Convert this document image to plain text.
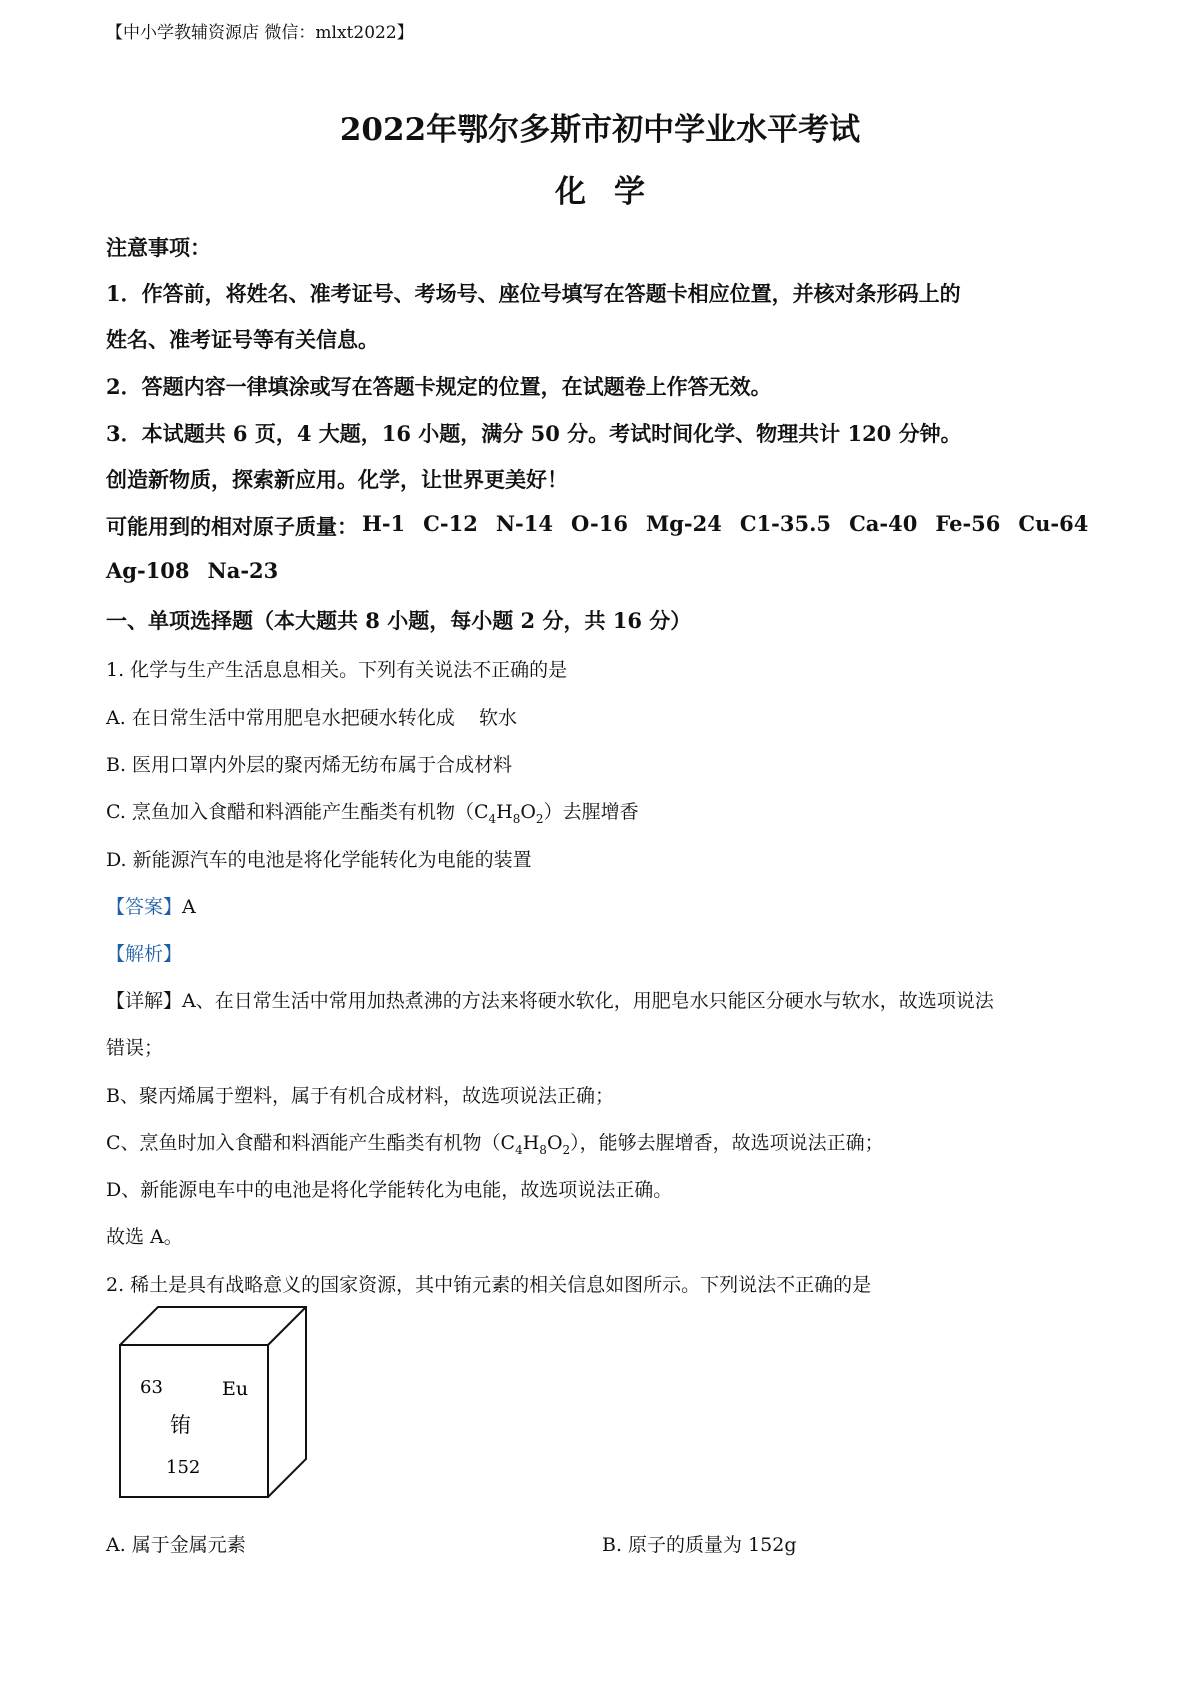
【中小学教辅资源店 微信：mlxt2022】
2022年鄂尔多斯市初中学业水平考试
化学
注意事项：
1．作答前，将姓名、准考证号、考场号、座位号填写在答题卡相应位置，并核对条形码上的
姓名、准考证号等有关信息。
2．答题内容一律填涂或写在答题卡规定的位置，在试题卷上作答无效。
3．本试题共 6 页，4 大题，16 小题，满分 50 分。考试时间化学、物理共计 120 分钟。
创造新物质，探索新应用。化学，让世界更美好！
可能用到的相对原子质量： H-1 C-12 N-14 O-16 Mg-24 C1-35.5 Ca-40 Fe-56 Cu-64
Ag-108 Na-23
一、单项选择题（本大题共 8 小题，每小题 2 分，共 16 分）
1. 化学与生产生活息息相关。下列有关说法不正确的是
A. 在日常生活中常用肥皂水把硬水转化成    软水
B. 医用口罩内外层的聚丙烯无纺布属于合成材料
C. 烹鱼加入食醋和料酒能产生酯类有机物$(C_4H_8O_2)$去腥增香
D. 新能源汽车的电池是将化学能转化为电能的装置
【答案】A
【解析】
【详解】A、在日常生活中常用加热煮沸的方法来将硬水软化，用肥皂水只能区分硬水与软水，故选项说法
错误；
B、聚丙烯属于塑料，属于有机合成材料，故选项说法正确；
C、烹鱼时加入食醋和料酒能产生酯类有机物$(C_4H_8O_2)$，能够去腥增香，故选项说法正确；
D、新能源电车中的电池是将化学能转化为电能，故选项说法正确。
故选 A。
2. 稀土是具有战略意义的国家资源，其中铕元素的相关信息如图所示。下列说法不正确的是
63	Eu
铕
152
A. 属于金属元素	B. 原子的质量为 152g
